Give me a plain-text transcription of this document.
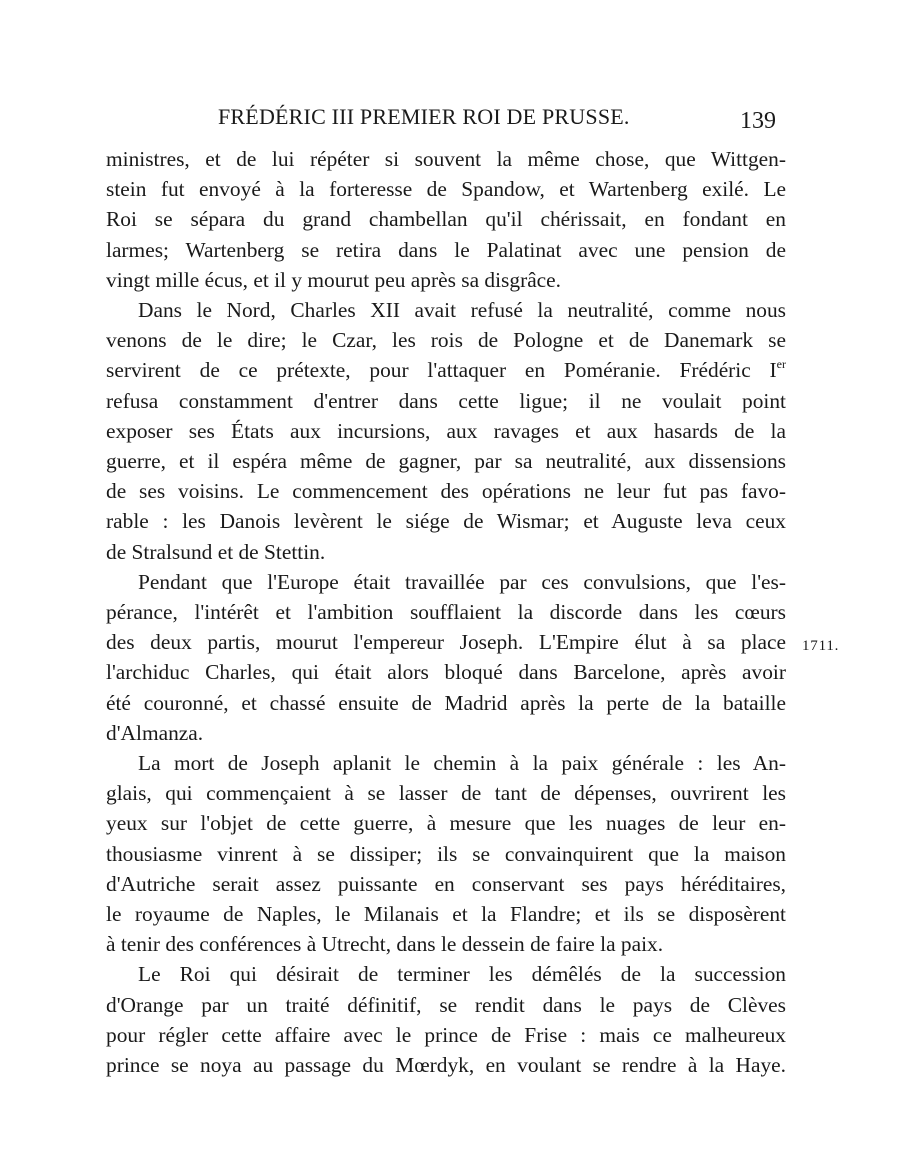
FRÉDÉRIC III PREMIER ROI DE PRUSSE.	139
1711.

ministres, et de lui répéter si souvent la même chose, que Wittgen-
stein fut envoyé à la forteresse de Spandow, et Wartenberg exilé. Le
Roi se sépara du grand chambellan qu'il chérissait, en fondant en
larmes; Wartenberg se retira dans le Palatinat avec une pension de
vingt mille écus, et il y mourut peu après sa disgrâce.

Dans le Nord, Charles XII avait refusé la neutralité, comme nous
venons de le dire; le Czar, les rois de Pologne et de Danemark se
servirent de ce prétexte, pour l'attaquer en Poméranie. Frédéric Ier
refusa constamment d'entrer dans cette ligue; il ne voulait point
exposer ses États aux incursions, aux ravages et aux hasards de la
guerre, et il espéra même de gagner, par sa neutralité, aux dissensions
de ses voisins. Le commencement des opérations ne leur fut pas favo-
rable : les Danois levèrent le siége de Wismar; et Auguste leva ceux
de Stralsund et de Stettin.

Pendant que l'Europe était travaillée par ces convulsions, que l'es-
pérance, l'intérêt et l'ambition soufflaient la discorde dans les cœurs
des deux partis, mourut l'empereur Joseph. L'Empire élut à sa place
l'archiduc Charles, qui était alors bloqué dans Barcelone, après avoir
été couronné, et chassé ensuite de Madrid après la perte de la bataille
d'Almanza.

La mort de Joseph aplanit le chemin à la paix générale : les An-
glais, qui commençaient à se lasser de tant de dépenses, ouvrirent les
yeux sur l'objet de cette guerre, à mesure que les nuages de leur en-
thousiasme vinrent à se dissiper; ils se convainquirent que la maison
d'Autriche serait assez puissante en conservant ses pays héréditaires,
le royaume de Naples, le Milanais et la Flandre; et ils se disposèrent
à tenir des conférences à Utrecht, dans le dessein de faire la paix.

Le Roi qui désirait de terminer les démêlés de la succession
d'Orange par un traité définitif, se rendit dans le pays de Clèves
pour régler cette affaire avec le prince de Frise : mais ce malheureux
prince se noya au passage du Mœrdyk, en voulant se rendre à la Haye.
